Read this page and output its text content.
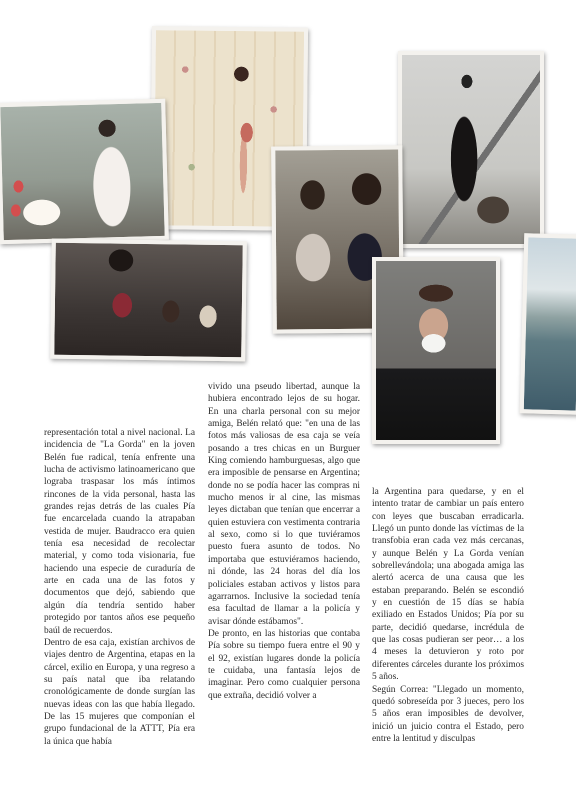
representación total a nivel nacional. La incidencia de "La Gorda" en la joven Belén fue radical, tenía enfrente una lucha de activismo latinoamericano que lograba traspasar los más íntimos rincones de la vida personal, hasta las grandes rejas detrás de las cuales Pía fue encarcelada cuando la atrapaban vestida de mujer. Baudracco era quien tenía esa necesidad de recolectar material, y como toda visionaria, fue haciendo una especie de curaduría de arte en cada una de las fotos y documentos que dejó, sabiendo que algún día tendría sentido haber protegido por tantos años ese pequeño baúl de recuerdos.

Dentro de esa caja, existían archivos de viajes dentro de Argentina, etapas en la cárcel, exilio en Europa, y una regreso a su país natal que iba relatando cronológicamente de donde surgían las nuevas ideas con las que había llegado. De las 15 mujeres que componían el grupo fundacional de la ATTT, Pía era la única que había

vivido una pseudo libertad, aunque la hubiera encontrado lejos de su hogar. En una charla personal con su mejor amiga, Belén relató que: "en una de las fotos más valiosas de esa caja se veía posando a tres chicas en un Burguer King comiendo hamburguesas, algo que era imposible de pensarse en Argentina; donde no se podía hacer las compras ni mucho menos ir al cine, las mismas leyes dictaban que tenían que encerrar a quien estuviera con vestimenta contraria al sexo, como si lo que tuviéramos puesto fuera asunto de todos. No importaba que estuviéramos haciendo, ni dónde, las 24 horas del día los policiales estaban activos y listos para agarrarnos. Inclusive la sociedad tenía esa facultad de llamar a la policía y avisar dónde estábamos".

De pronto, en las historias que contaba Pía sobre su tiempo fuera entre el 90 y el 92, existían lugares donde la policía te cuidaba, una fantasía lejos de imaginar. Pero como cualquier persona que extraña, decidió volver a

la Argentina para quedarse, y en el intento tratar de cambiar un país entero con leyes que buscaban erradicarla. Llegó un punto donde las víctimas de la transfobia eran cada vez más cercanas, y aunque Belén y La Gorda venían sobrellevándola; una abogada amiga las alertó acerca de una causa que les estaban preparando. Belén se escondió y en cuestión de 15 días se había exiliado en Estados Unidos; Pía por su parte, decidió quedarse, incrédula de que las cosas pudieran ser peor… a los 4 meses la detuvieron y roto por diferentes cárceles durante los próximos 5 años.

Según Correa: "Llegado un momento, quedó sobreseída por 3 jueces, pero los 5 años eran imposibles de devolver, inició un juicio contra el Estado, pero entre la lentitud y disculpas
